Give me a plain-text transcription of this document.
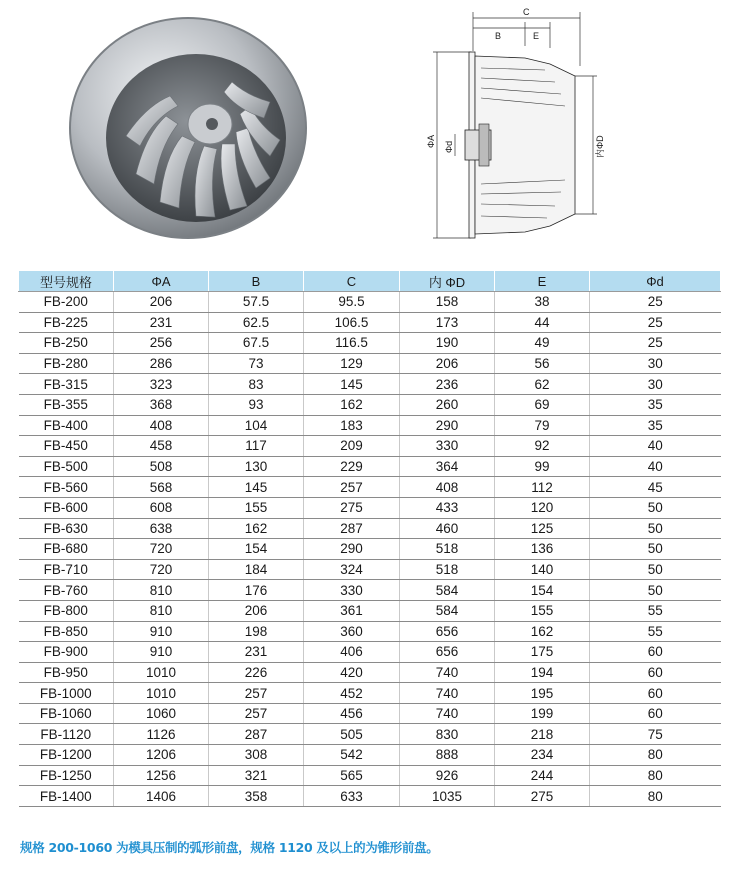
C
B	E
ΦA Φd	内ΦD
型号规格	ΦA	B	C	内 ΦD	E	Φd
FB-200	206	57.5	95.5	158	38	25
FB-225	231	62.5	106.5	173	44	25
FB-250	256	67.5	116.5	190	49	25
FB-280	286	73	129	206	56	30
FB-315	323	83	145	236	62	30
FB-355	368	93	162	260	69	35
FB-400	408	104	183	290	79	35
FB-450	458	117	209	330	92	40
FB-500	508	130	229	364	99	40
FB-560	568	145	257	408	112	45
FB-600	608	155	275	433	120	50
FB-630	638	162	287	460	125	50
FB-680	720	154	290	518	136	50
FB-710	720	184	324	518	140	50
FB-760	810	176	330	584	154	50
FB-800	810	206	361	584	155	55
FB-850	910	198	360	656	162	55
FB-900	910	231	406	656	175	60
FB-950	1010	226	420	740	194	60
FB-1000	1010	257	452	740	195	60
FB-1060	1060	257	456	740	199	60
FB-1120	1126	287	505	830	218	75
FB-1200	1206	308	542	888	234	80
FB-1250	1256	321	565	926	244	80
FB-1400	1406	358	633	1035	275	80
规格 200-1060 为模具压制的弧形前盘，规格 1120 及以上的为锥形前盘。
